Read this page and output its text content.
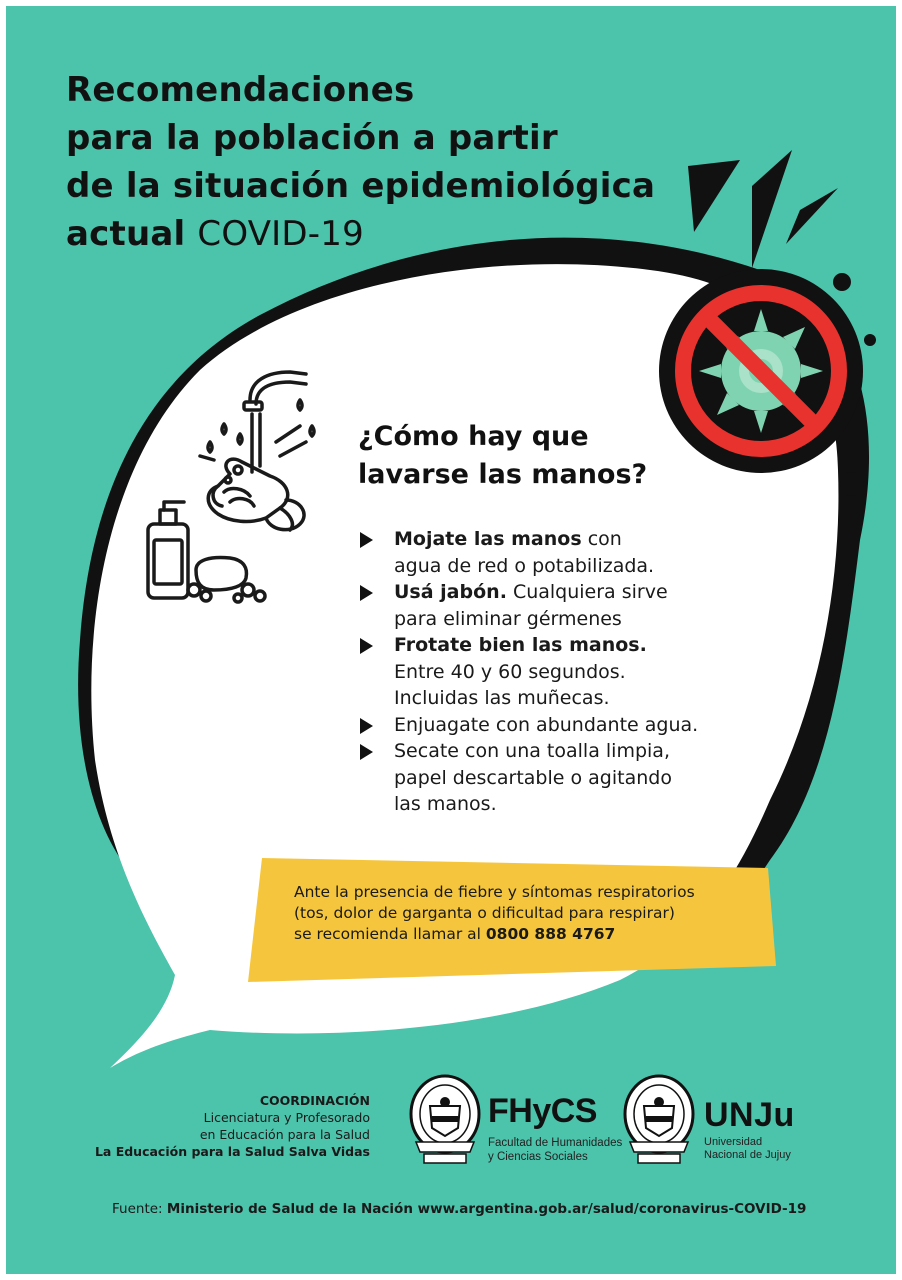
Recomendaciones
para la población a partir
de la situación epidemiológica
actual COVID-19
¿Cómo hay que
lavarse las manos?
Mojate las manos con
agua de red o potabilizada.
Usá jabón. Cualquiera sirve
para eliminar gérmenes
Frotate bien las manos.
Entre 40 y 60 segundos.
Incluidas las muñecas.
Enjuagate con abundante agua.
Secate con una toalla limpia,
papel descartable o agitando
las manos.
Ante la presencia de fiebre y síntomas respiratorios
(tos, dolor de garganta o dificultad para respirar)
se recomienda llamar al 0800 888 4767
COORDINACIÓN
Licenciatura y Profesorado
en Educación para la Salud
La Educación para la Salud Salva Vidas
FHyCS
Facultad de Humanidades
y Ciencias Sociales
UNJu
Universidad
Nacional de Jujuy
Fuente: Ministerio de Salud de la Nación www.argentina.gob.ar/salud/coronavirus-COVID-19
